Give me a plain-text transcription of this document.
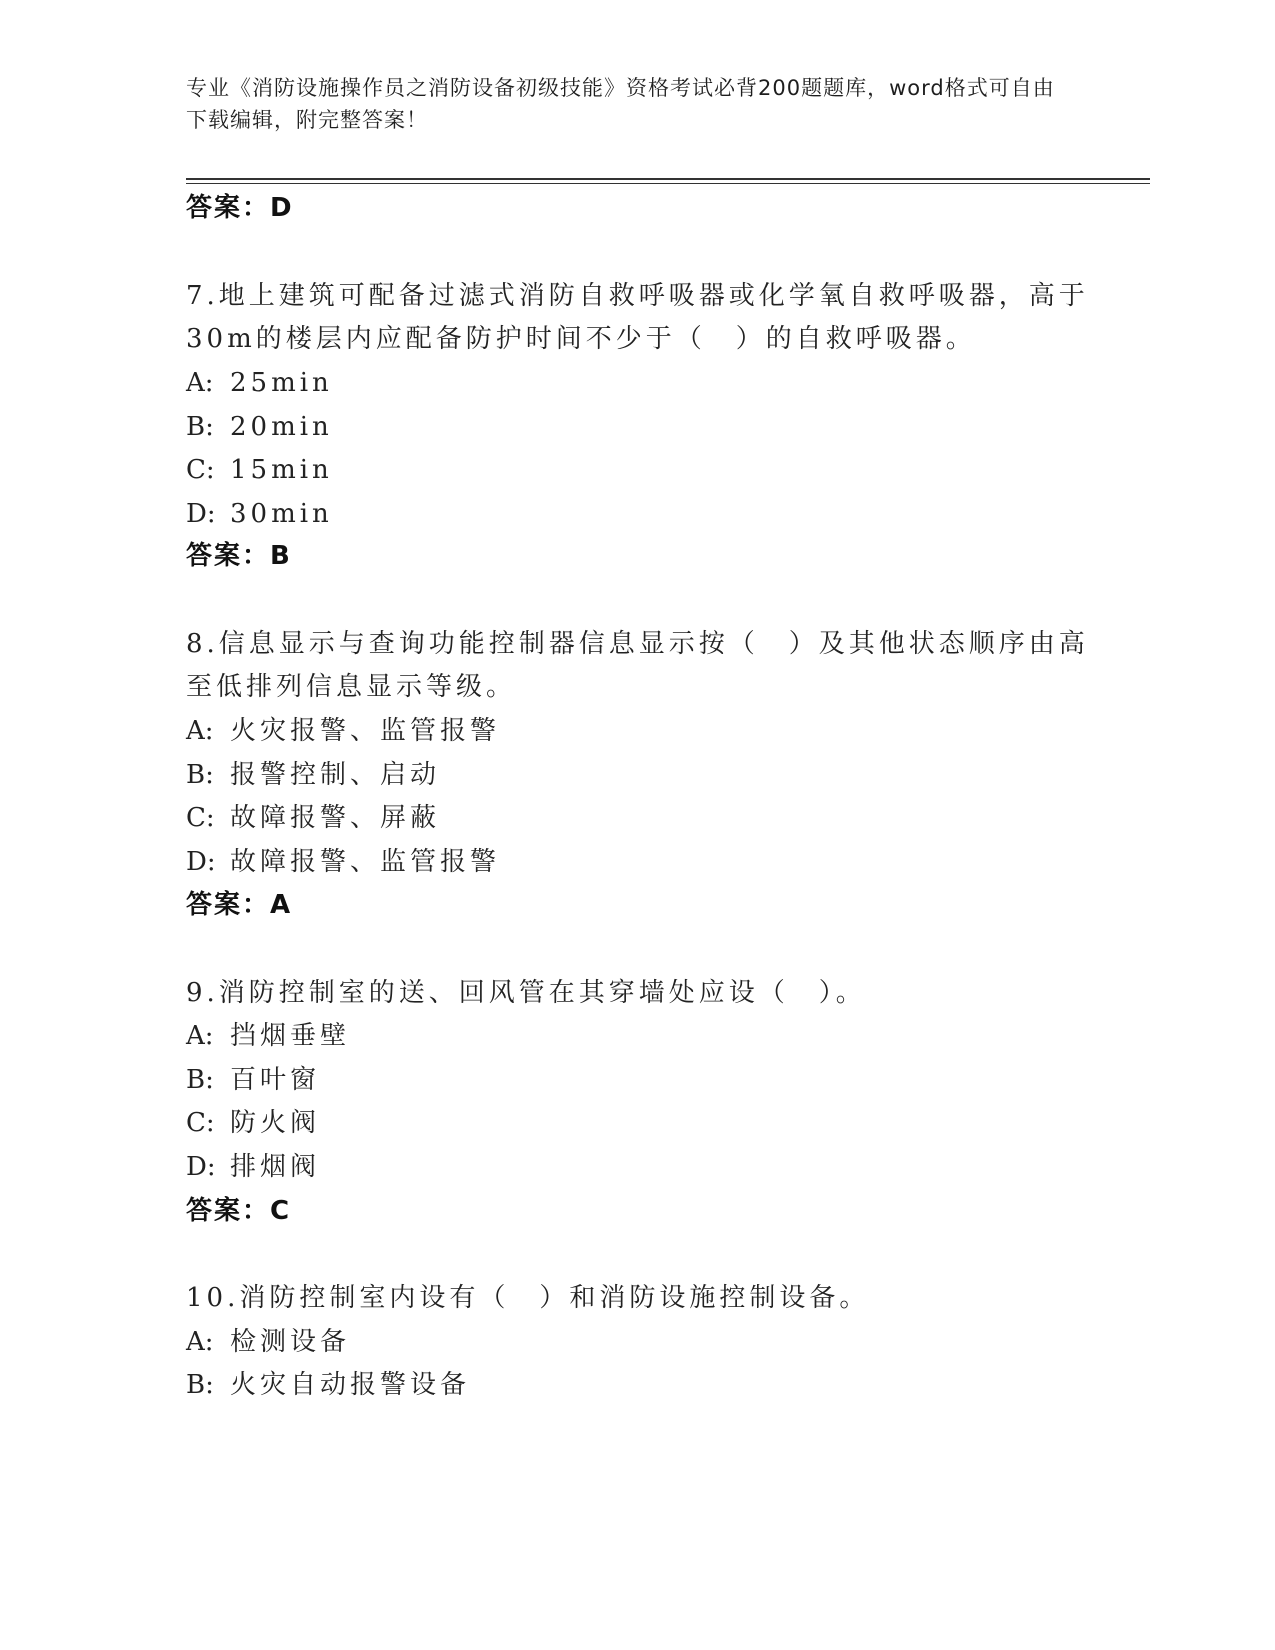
专业《消防设施操作员之消防设备初级技能》资格考试必背200题题库，word格式可自由下载编辑，附完整答案！
答案：D
7.地上建筑可配备过滤式消防自救呼吸器或化学氧自救呼吸器，高于
30m的楼层内应配备防护时间不少于（　）的自救呼吸器。
A: 25min
B: 20min
C: 15min
D: 30min
答案：B
8.信息显示与查询功能控制器信息显示按（　）及其他状态顺序由高
至低排列信息显示等级。
A: 火灾报警、监管报警
B: 报警控制、启动
C: 故障报警、屏蔽
D: 故障报警、监管报警
答案：A
9.消防控制室的送、回风管在其穿墙处应设（　）。
A: 挡烟垂壁
B: 百叶窗
C: 防火阀
D: 排烟阀
答案：C
10.消防控制室内设有（　）和消防设施控制设备。
A: 检测设备
B: 火灾自动报警设备
